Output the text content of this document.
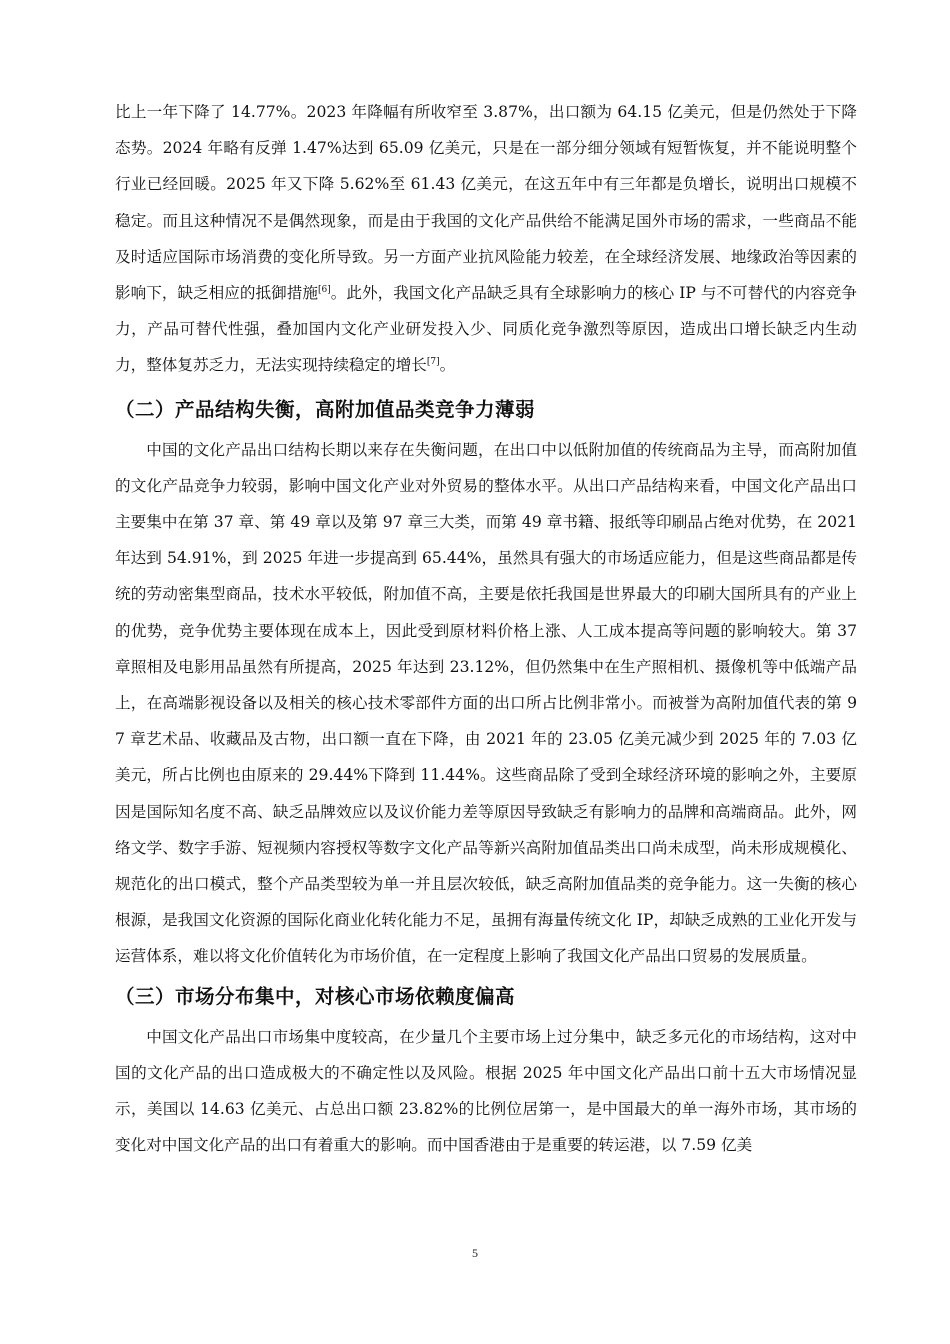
比上一年下降了 14.77%。2023 年降幅有所收窄至 3.87%，出口额为 64.15 亿美元，但是仍然处于下降态势。2024 年略有反弹 1.47%达到 65.09 亿美元，只是在一部分细分领域有短暂恢复，并不能说明整个行业已经回暖。2025 年又下降 5.62%至 61.43 亿美元，在这五年中有三年都是负增长，说明出口规模不稳定。而且这种情况不是偶然现象，而是由于我国的文化产品供给不能满足国外市场的需求，一些商品不能及时适应国际市场消费的变化所导致。另一方面产业抗风险能力较差，在全球经济发展、地缘政治等因素的影响下，缺乏相应的抵御措施[6]。此外，我国文化产品缺乏具有全球影响力的核心 IP 与不可替代的内容竞争力，产品可替代性强，叠加国内文化产业研发投入少、同质化竞争激烈等原因，造成出口增长缺乏内生动力，整体复苏乏力，无法实现持续稳定的增长[7]。

（二）产品结构失衡，高附加值品类竞争力薄弱

中国的文化产品出口结构长期以来存在失衡问题，在出口中以低附加值的传统商品为主导，而高附加值的文化产品竞争力较弱，影响中国文化产业对外贸易的整体水平。从出口产品结构来看，中国文化产品出口主要集中在第 37 章、第 49 章以及第 97 章三大类，而第 49 章书籍、报纸等印刷品占绝对优势，在 2021 年达到 54.91%，到 2025 年进一步提高到 65.44%，虽然具有强大的市场适应能力，但是这些商品都是传统的劳动密集型商品，技术水平较低，附加值不高，主要是依托我国是世界最大的印刷大国所具有的产业上的优势，竞争优势主要体现在成本上，因此受到原材料价格上涨、人工成本提高等问题的影响较大。第 37 章照相及电影用品虽然有所提高，2025 年达到 23.12%，但仍然集中在生产照相机、摄像机等中低端产品上，在高端影视设备以及相关的核心技术零部件方面的出口所占比例非常小。而被誉为高附加值代表的第 97 章艺术品、收藏品及古物，出口额一直在下降，由 2021 年的 23.05 亿美元减少到 2025 年的 7.03 亿美元，所占比例也由原来的 29.44%下降到 11.44%。这些商品除了受到全球经济环境的影响之外，主要原因是国际知名度不高、缺乏品牌效应以及议价能力差等原因导致缺乏有影响力的品牌和高端商品。此外，网络文学、数字手游、短视频内容授权等数字文化产品等新兴高附加值品类出口尚未成型，尚未形成规模化、规范化的出口模式，整个产品类型较为单一并且层次较低，缺乏高附加值品类的竞争能力。这一失衡的核心根源，是我国文化资源的国际化商业化转化能力不足，虽拥有海量传统文化 IP，却缺乏成熟的工业化开发与运营体系，难以将文化价值转化为市场价值，在一定程度上影响了我国文化产品出口贸易的发展质量。

（三）市场分布集中，对核心市场依赖度偏高

中国文化产品出口市场集中度较高，在少量几个主要市场上过分集中，缺乏多元化的市场结构，这对中国的文化产品的出口造成极大的不确定性以及风险。根据 2025 年中国文化产品出口前十五大市场情况显示，美国以 14.63 亿美元、占总出口额 23.82%的比例位居第一，是中国最大的单一海外市场，其市场的变化对中国文化产品的出口有着重大的影响。而中国香港由于是重要的转运港，以 7.59 亿美

5
